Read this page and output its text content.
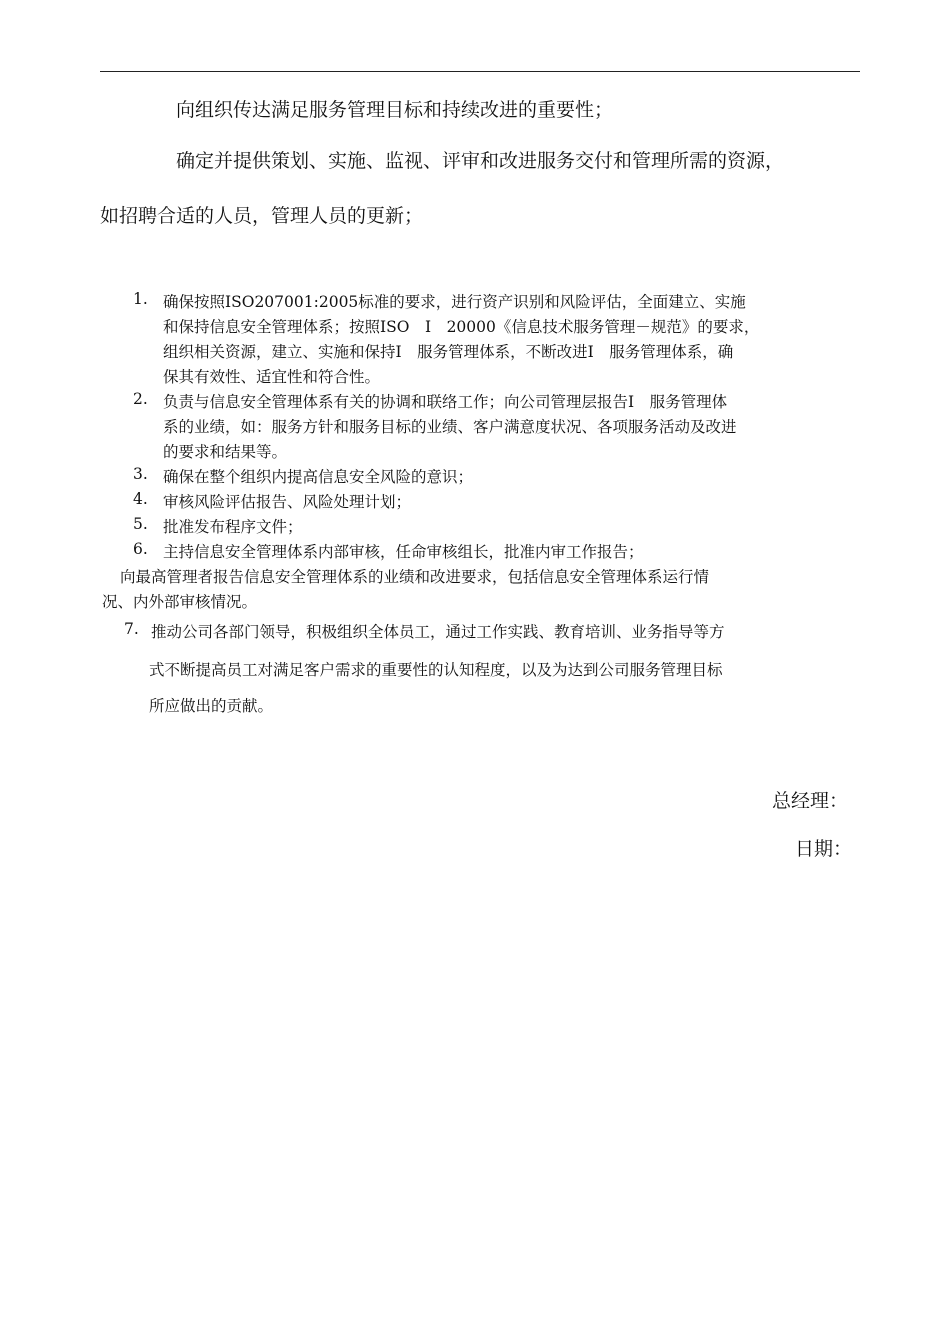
向组织传达满足服务管理目标和持续改进的重要性；
确定并提供策划、实施、监视、评审和改进服务交付和管理所需的资源，
如招聘合适的人员，管理人员的更新；
1. 确保按照ISO207001:2005标准的要求，进行资产识别和风险评估，全面建立、实施
和保持信息安全管理体系；按照ISO　I　20000《信息技术服务管理－规范》的要求，
组织相关资源，建立、实施和保持I　服务管理体系，不断改进I　服务管理体系，确
保其有效性、适宜性和符合性。
2. 负责与信息安全管理体系有关的协调和联络工作；向公司管理层报告I　服务管理体
系的业绩，如：服务方针和服务目标的业绩、客户满意度状况、各项服务活动及改进
的要求和结果等。
3. 确保在整个组织内提高信息安全风险的意识；
4. 审核风险评估报告、风险处理计划；
5. 批准发布程序文件；
6. 主持信息安全管理体系内部审核，任命审核组长，批准内审工作报告；
向最高管理者报告信息安全管理体系的业绩和改进要求，包括信息安全管理体系运行情
况、内外部审核情况。
7. 推动公司各部门领导，积极组织全体员工，通过工作实践、教育培训、业务指导等方
式不断提高员工对满足客户需求的重要性的认知程度，以及为达到公司服务管理目标
所应做出的贡献。
总经理：
日期：
